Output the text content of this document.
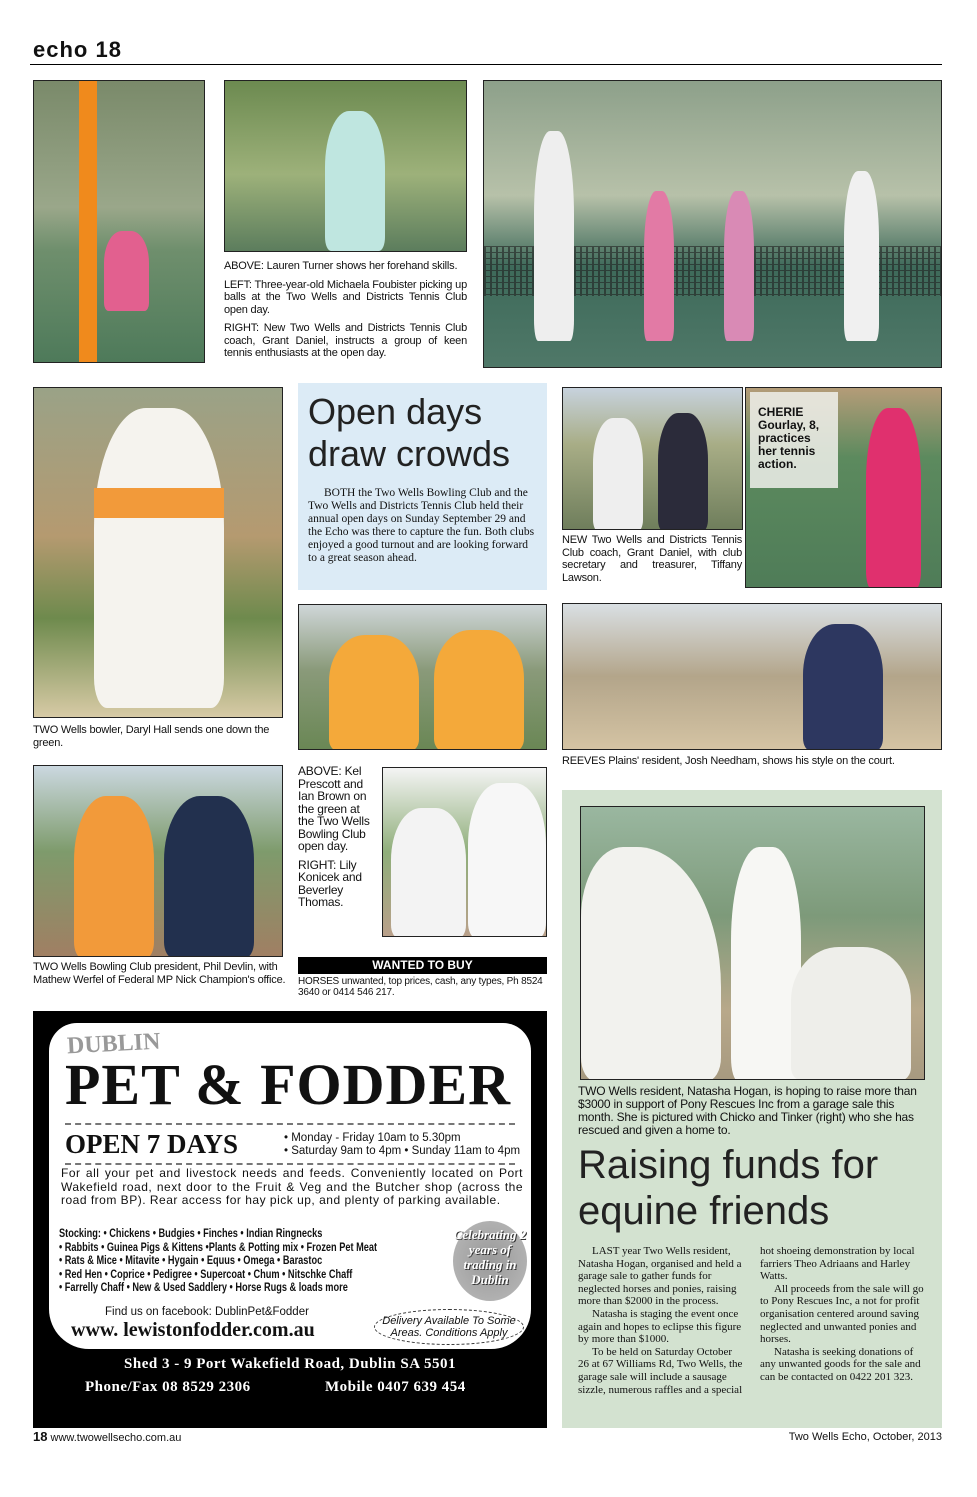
echo 18

ABOVE: Lauren Turner shows her forehand skills.

LEFT: Three-year-old Michaela Foubister picking up balls at the Two Wells and Districts Tennis Club open day.

RIGHT: New Two Wells and Districts Tennis Club coach, Grant Daniel, instructs a group of keen tennis enthusiasts at the open day.

TWO Wells bowler, Daryl Hall sends one down the green.
Open days draw crowds
BOTH the Two Wells Bowling Club and the Two Wells and Districts Tennis Club held their annual open days on Sunday September 29 and the Echo was there to capture the fun. Both clubs enjoyed a good turnout and are looking forward to a great season ahead.
NEW Two Wells and Districts Tennis Club coach, Grant Daniel, with club secretary and treasurer, Tiffany Lawson.
CHERIE Gourlay, 8, practices her tennis action.
REEVES Plains' resident, Josh Needham, shows his style on the court.
TWO Wells Bowling Club president, Phil Devlin, with Mathew Werfel of Federal MP Nick Champion's office.

ABOVE: Kel Prescott and Ian Brown on the green at the Two Wells Bowling Club open day.

RIGHT: Lily Konicek and Beverley Thomas.

WANTED TO BUY
HORSES unwanted, top prices, cash, any types, Ph 8524 3640 or 0414 546 217.
DUBLIN
PET & FODDER
OPEN 7 DAYS	• Monday - Friday 10am to 5.30pm
• Saturday 9am to 4pm • Sunday 11am to 4pm
For all your pet and livestock needs and feeds. Conveniently located on Port Wakefield road, next door to the Fruit & Veg and the Butcher shop (across the road from BP). Rear access for hay pick up, and plenty of parking available.
Celebrating 2 years of trading in Dublin
Stocking: • Chickens • Budgies • Finches • Indian Ringnecks
• Rabbits • Guinea Pigs & Kittens •Plants & Potting mix • Frozen Pet Meat
• Rats & Mice • Mitavite • Hygain • Equus • Omega • Barastoc
• Red Hen • Coprice • Pedigree • Supercoat • Chum • Nitschke Chaff
• Farrelly Chaff • New & Used Saddlery • Horse Rugs & loads more
Find us on facebook: DublinPet&Fodder
www. lewistonfodder.com.au	Delivery Available To Some Areas. Conditions Apply
Shed 3 - 9 Port Wakefield Road, Dublin SA 5501
Phone/Fax 08 8529 2306	Mobile 0407 639 454
TWO Wells resident, Natasha Hogan, is hoping to raise more than $3000 in support of Pony Rescues Inc from a garage sale this month. She is pictured with Chicko and Tinker (right) who she has rescued and given a home to.
Raising funds for equine friends

LAST year Two Wells resident, Natasha Hogan, organised and held a garage sale to gather funds for neglected horses and ponies, raising more than $2000 in the process.

Natasha is staging the event once again and hopes to eclipse this figure by more than $1000.

To be held on Saturday October 26 at 67 Williams Rd, Two Wells, the garage sale will include a sausage sizzle, numerous raffles and a special hot shoeing demonstration by local farriers Theo Adriaans and Harley Watts.

All proceeds from the sale will go to Pony Rescues Inc, a not for profit organisation centered around saving neglected and unwanted ponies and horses.

Natasha is seeking donations of any unwanted goods for the sale and can be contacted on 0422 201 323.

18 www.twowellsecho.com.au	Two Wells Echo, October, 2013
